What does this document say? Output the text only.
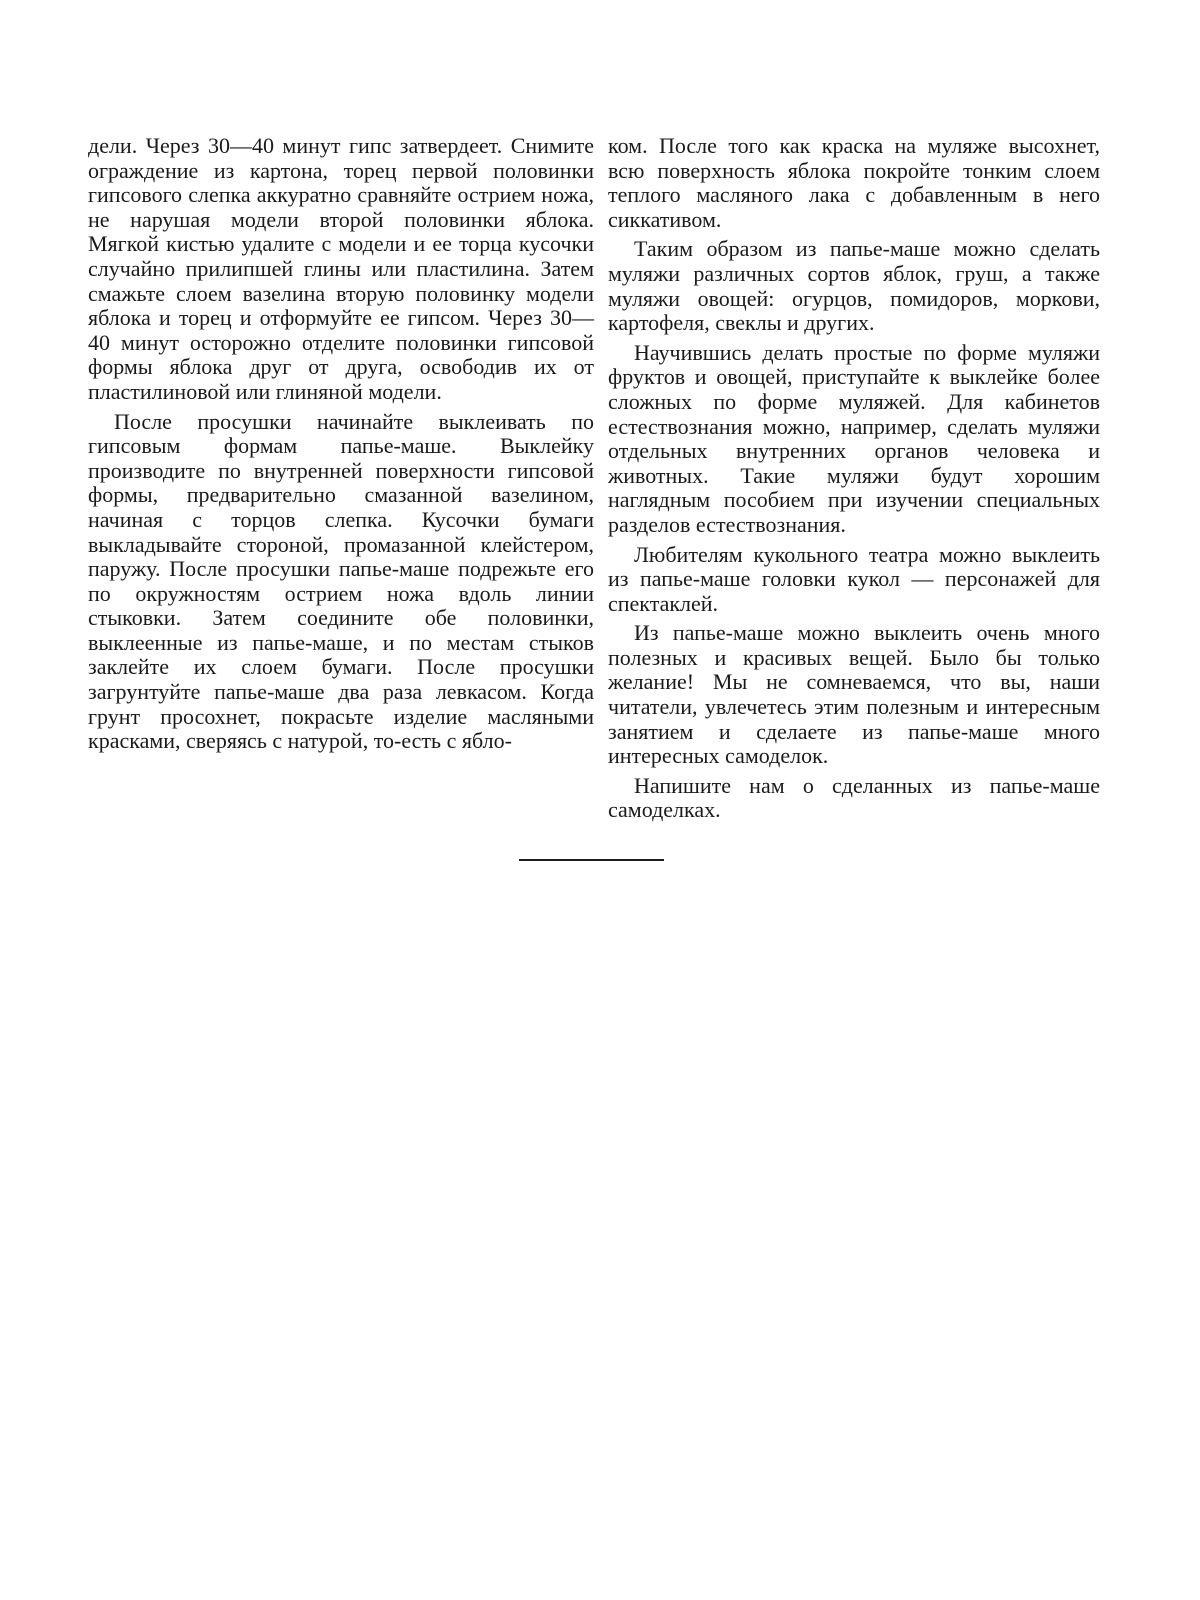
дели. Через 30—40 минут гипс затвердеет. Снимите ограждение из картона, торец первой половинки гипсового слепка аккуратно сравняйте острием ножа, не нарушая модели второй половинки яблока. Мягкой кистью удалите с модели и ее торца кусочки случайно прилипшей глины или пластилина. Затем смажьте слоем вазелина вторую половинку модели яблока и торец и отформуйте ее гипсом. Через 30—40 минут осторожно отделите половинки гипсовой формы яблока друг от друга, освободив их от пластилиновой или глиняной модели.

После просушки начинайте выклеивать по гипсовым формам папье-маше. Выклейку производите по внутренней поверхности гипсовой формы, предварительно смазанной вазелином, начиная с торцов слепка. Кусочки бумаги выкладывайте стороной, промазанной клейстером, паружу. После просушки папье-маше подрежьте его по окружностям острием ножа вдоль линии стыковки. Затем соедините обе половинки, выклеенные из папье-маше, и по местам стыков заклейте их слоем бумаги. После просушки загрунтуйте папье-маше два раза левкасом. Когда грунт просохнет, покрасьте изделие масляными красками, сверяясь с натурой, то-есть с ябло-

ком. После того как краска на муляже высохнет, всю поверхность яблока покройте тонким слоем теплого масляного лака с добавленным в него сиккативом.

Таким образом из папье-маше можно сделать муляжи различных сортов яблок, груш, а также муляжи овощей: огурцов, помидоров, моркови, картофеля, свеклы и других.

Научившись делать простые по форме муляжи фруктов и овощей, приступайте к выклейке более сложных по форме муляжей. Для кабинетов естествознания можно, например, сделать муляжи отдельных внутренних органов человека и животных. Такие муляжи будут хорошим наглядным пособием при изучении специальных разделов естествознания.

Любителям кукольного театра можно выклеить из папье-маше головки кукол — персонажей для спектаклей.

Из папье-маше можно выклеить очень много полезных и красивых вещей. Было бы только желание! Мы не сомневаемся, что вы, наши читатели, увлечетесь этим полезным и интересным занятием и сделаете из папье-маше много интересных самоделок.

Напишите нам о сделанных из папье-маше самоделках.
